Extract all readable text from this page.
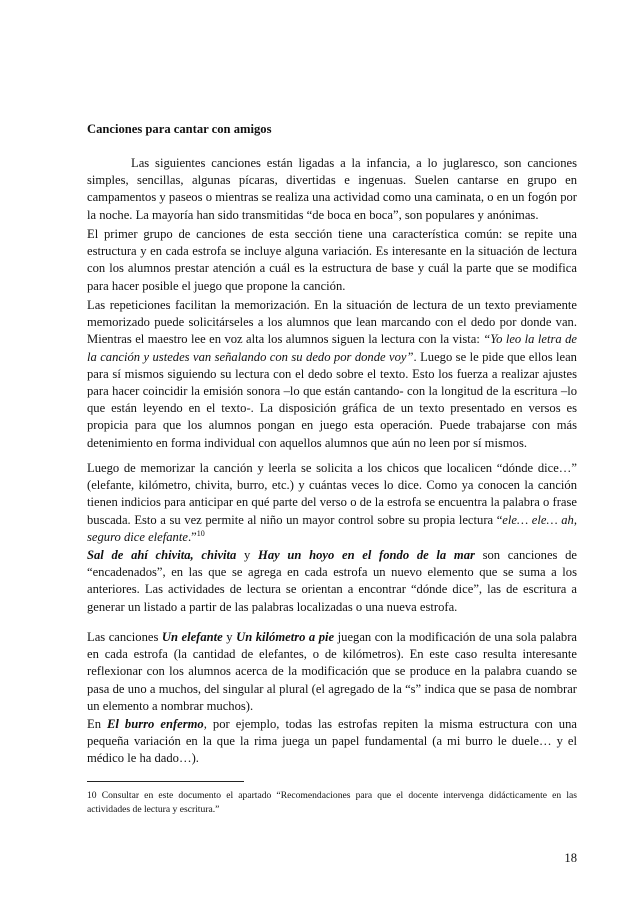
Canciones para cantar con amigos

Las siguientes canciones están ligadas a la infancia, a lo juglaresco, son canciones simples, sencillas, algunas pícaras, divertidas e ingenuas. Suelen cantarse en grupo en campamentos y paseos o mientras se realiza una actividad como una caminata, o en un fogón por la noche. La mayoría han sido transmitidas “de boca en boca”, son populares y anónimas.

El primer grupo de canciones de esta sección tiene una característica común: se repite una estructura y en cada estrofa se incluye alguna variación. Es interesante en la situación de lectura con los alumnos prestar atención a cuál es la estructura de base y cuál la parte que se modifica para hacer posible el juego que propone la canción.

Las repeticiones facilitan la memorización. En la situación de lectura de un texto previamente memorizado puede solicitárseles a los alumnos que lean marcando con el dedo por donde van. Mientras el maestro lee en voz alta los alumnos siguen la lectura con la vista: “Yo leo la letra de la canción y ustedes van señalando con su dedo por donde voy”. Luego se le pide que ellos lean para sí mismos siguiendo su lectura con el dedo sobre el texto. Esto los fuerza a realizar ajustes para hacer coincidir la emisión sonora –lo que están cantando- con la longitud de la escritura –lo que están leyendo en el texto-. La disposición gráfica de un texto presentado en versos es propicia para que los alumnos pongan en juego esta operación. Puede trabajarse con más detenimiento en forma individual con aquellos alumnos que aún no leen por sí mismos.

Luego de memorizar la canción y leerla se solicita a los chicos que localicen “dónde dice…” (elefante, kilómetro, chivita, burro, etc.) y cuántas veces lo dice. Como ya conocen la canción tienen indicios para anticipar en qué parte del verso o de la estrofa se encuentra la palabra o frase buscada. Esto a su vez permite al niño un mayor control sobre su propia lectura “ele… ele… ah, seguro dice elefante.”$^{10}$

Sal de ahí chivita, chivita y Hay un hoyo en el fondo de la mar son canciones de “encadenados”, en las que se agrega en cada estrofa un nuevo elemento que se suma a los anteriores. Las actividades de lectura se orientan a encontrar “dónde dice”, las de escritura a generar un listado a partir de las palabras localizadas o una nueva estrofa.

Las canciones Un elefante y Un kilómetro a pie juegan con la modificación de una sola palabra en cada estrofa (la cantidad de elefantes, o de kilómetros). En este caso resulta interesante reflexionar con los alumnos acerca de la modificación que se produce en la palabra cuando se pasa de uno a muchos, del singular al plural (el agregado de la “s” indica que se pasa de nombrar un elemento a nombrar muchos).

En El burro enfermo, por ejemplo, todas las estrofas repiten la misma estructura con una pequeña variación en la que la rima juega un papel fundamental (a mi burro le duele… y el médico le ha dado…).

10 Consultar en este documento el apartado “Recomendaciones para que el docente intervenga didácticamente en las actividades de lectura y escritura.”

18
